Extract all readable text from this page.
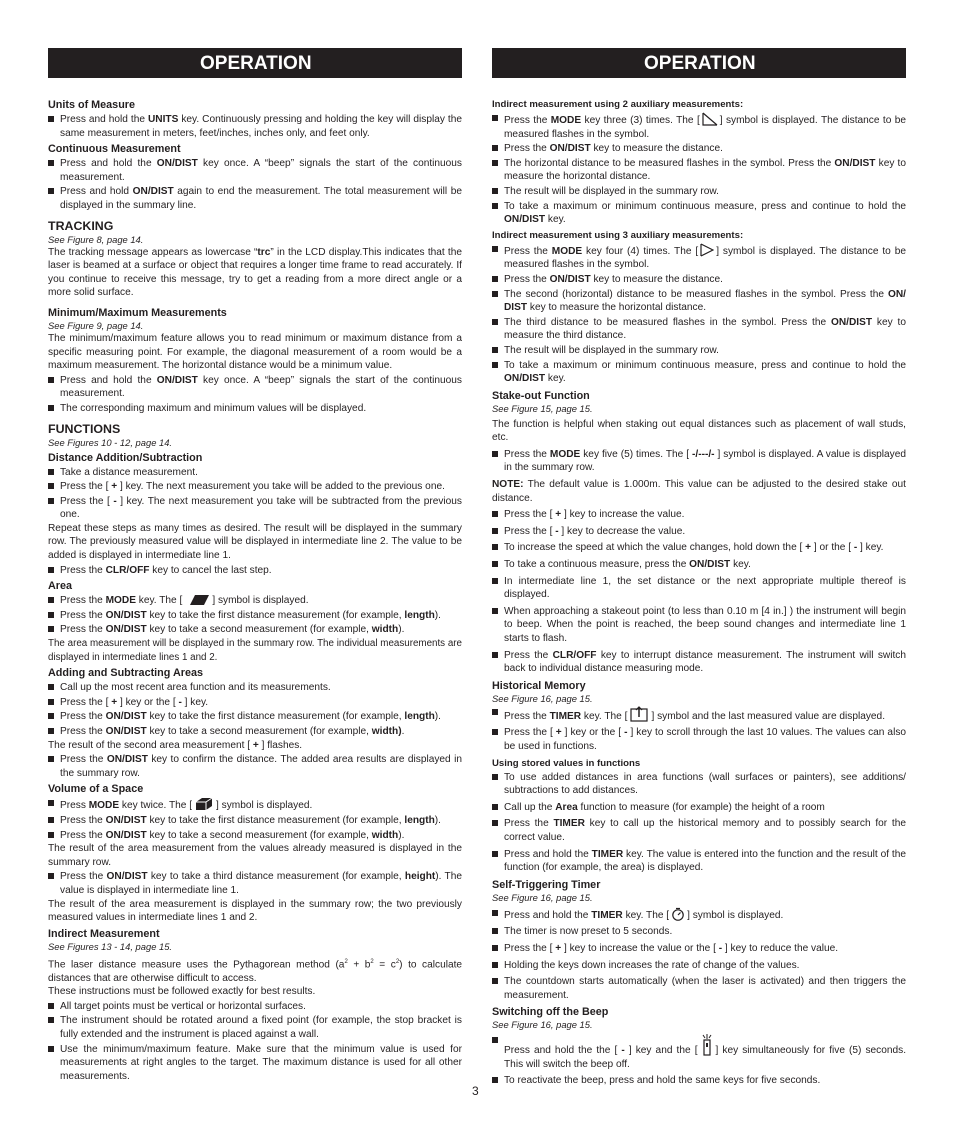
OPERATION
Units of Measure
Press and hold the UNITS key. Continuously pressing and holding the key will display the same measurement in meters, feet/inches, inches only, and feet only.
Continuous Measurement
Press and hold the ON/DIST key once. A “beep” signals the start of the continuous measurement.
Press and hold ON/DIST again to end the measurement. The total measurement will be displayed in the summary line.
TRACKING
See Figure 8, page 14.

The tracking message appears as lowercase “trc” in the LCD display.This indicates that the laser is beamed at a surface or object that requires a longer time frame to read accurately. If you continue to receive this message, try to get a reading from a more direct angle or a more solid surface.

Minimum/Maximum Measurements
See Figure 9, page 14.

The minimum/maximum feature allows you to read minimum or maximum distance from a specific measuring point. For example, the diagonal measurement of a room would be a maximum measurement. The horizontal distance would be a minimum value.

Press and hold the ON/DIST key once. A “beep” signals the start of the continuous measurement.
The corresponding maximum and minimum values will be displayed.
FUNCTIONS
See Figures 10 - 12, page 14.
Distance Addition/Subtraction
Take a distance measurement.
Press the [ + ] key. The next measurement you take will be added to the previous one.
Press the [ - ] key. The next measurement you take will be subtracted from the previous one.

Repeat these steps as many times as desired. The result will be displayed in the summary row. The previously measured value will be displayed in intermediate line 2. The value to be added is displayed in intermediate line 1.

Press the CLR/OFF key to cancel the last step.
Area
Press the MODE key. The [	] symbol is displayed.
Press the ON/DIST key to take the first distance measurement (for example, length).
Press the ON/DIST key to take a second measurement (for example, width).

The area measurement will be displayed in the summary row. The individual measurements are displayed in intermediate lines 1 and 2.

Adding and Subtracting Areas
Call up the most recent area function and its measurements.
Press the [ + ] key or the [ - ] key.
Press the ON/DIST key to take the first distance measurement (for example, length).
Press the ON/DIST key to take a second measurement (for example, width).

The result of the second area measurement [ + ] flashes.

Press the ON/DIST key to confirm the distance. The added area results are displayed in the summary row.
Volume of a Space
Press MODE key twice. The [ ] symbol is displayed.
Press the ON/DIST key to take the first distance measurement (for example, length).
Press the ON/DIST key to take a second measurement (for example, width).

The result of the area measurement from the values already measured is displayed in the summary row.

Press the ON/DIST key to take a third distance measurement (for example, height). The value is displayed in intermediate line 1.

The result of the area measurement is displayed in the summary row; the two previously measured values in intermediate lines 1 and 2.

Indirect Measurement
See Figures 13 - 14, page 15.

The laser distance measure uses the Pythagorean method $(a^2 + b^2 = c^2)$ to calculate distances that are otherwise difficult to access.

These instructions must be followed exactly for best results.

All target points must be vertical or horizontal surfaces.
The instrument should be rotated around a fixed point (for example, the stop bracket is fully extended and the instrument is placed against a wall.
Use the minimum/maximum feature. Make sure that the minimum value is used for measurements at right angles to the target. The maximum distance is used for all other measurements.
OPERATION
Indirect measurement using 2 auxiliary measurements:
Press the MODE key three (3) times. The [ ] symbol is displayed. The distance to be measured flashes in the symbol.
Press the ON/DIST key to measure the distance.
The horizontal distance to be measured flashes in the symbol. Press the ON/DIST key to measure the horizontal distance.
The result will be displayed in the summary row.
To take a maximum or minimum continuous measure, press and continue to hold the ON/DIST key.
Indirect measurement using 3 auxiliary measurements:
Press the MODE key four (4) times. The [ ] symbol is displayed. The distance to be measured flashes in the symbol.
Press the ON/DIST key to measure the distance.
The second (horizontal) distance to be measured flashes in the symbol. Press the ON/ DIST key to measure the horizontal distance.
The third distance to be measured flashes in the symbol. Press the ON/DIST key to measure the third distance.
The result will be displayed in the summary row.
To take a maximum or minimum continuous measure, press and continue to hold the ON/DIST key.
Stake-out Function
See Figure 15, page 15.

The function is helpful when staking out equal distances such as placement of wall studs, etc.

Press the MODE key five (5) times. The [ -/---/- ] symbol is displayed. A value is displayed in the summary row.

NOTE: The default value is 1.000m. This value can be adjusted to the desired stake out distance.

Press the [ + ] key to increase the value.
Press the [ - ] key to decrease the value.
To increase the speed at which the value changes, hold down the [ + ] or the [ - ] key.
To take a continuous measure, press the ON/DIST key.
In intermediate line 1, the set distance or the next appropriate multiple thereof is displayed.
When approaching a stakeout point (to less than 0.10 m [4 in.] ) the instrument will begin to beep. When the point is reached, the beep sound changes and intermediate line 1 starts to flash.
Press the CLR/OFF key to interrupt distance measurement. The instrument will switch back to individual distance measuring mode.
Historical Memory
See Figure 16, page 15.
Press the TIMER key. The [ ] symbol and the last measured value are displayed.
Press the [ + ] key or the [ - ] key to scroll through the last 10 values. The values can also be used in functions.
Using stored values in functions
To use added distances in area functions (wall surfaces or painters), see additions/ subtractions to add distances.
Call up the Area function to measure (for example) the height of a room
Press the TIMER key to call up the historical memory and to possibly search for the correct value.
Press and hold the TIMER key. The value is entered into the function and the result of the function (for example, the area) is displayed.
Self-Triggering Timer
See Figure 16, page 15.
Press and hold the TIMER key. The [ ] symbol is displayed.
The timer is now preset to 5 seconds.
Press the [ + ] key to increase the value or the [ - ] key to reduce the value.
Holding the keys down increases the rate of change of the values.
The countdown starts automatically (when the laser is activated) and then triggers the measurement.
Switching off the Beep
See Figure 16, page 15.
Press and hold the the [ - ] key and the [ ] key simultaneously for five (5) seconds. This will switch the beep off.
To reactivate the beep, press and hold the same keys for five seconds.
3
